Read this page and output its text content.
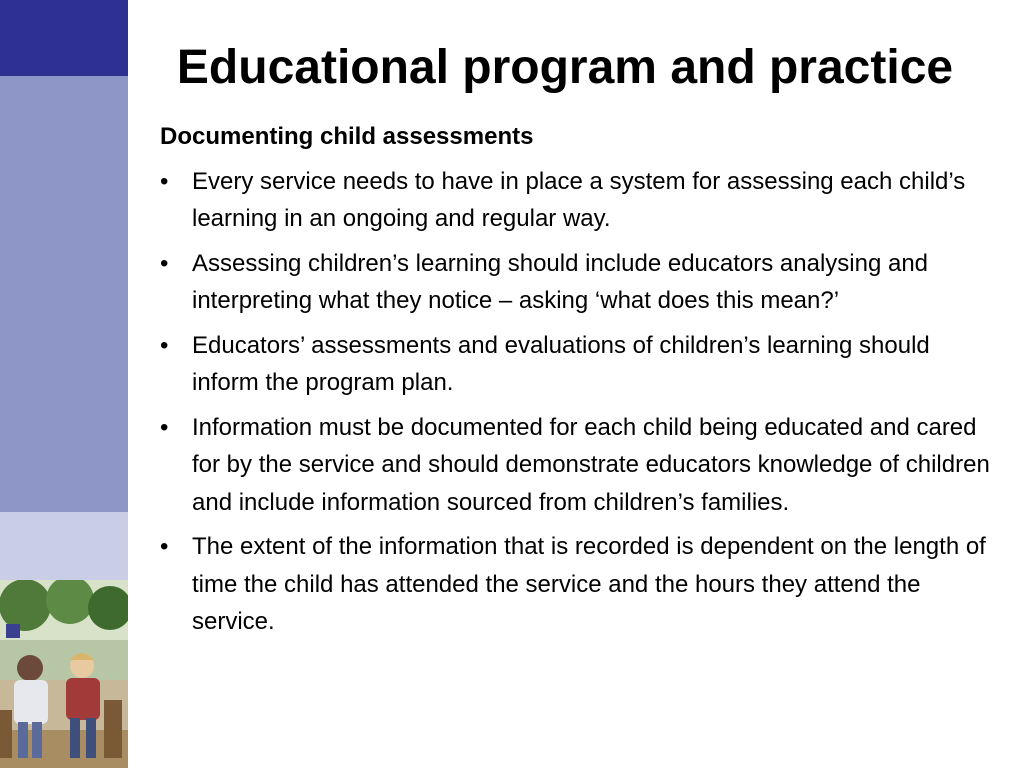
Educational program and practice
Documenting child assessments
• Every service needs to have in place a system for assessing each child’s learning in an ongoing and regular way.
• Assessing children’s learning should include educators analysing and interpreting what they notice – asking ‘what does this mean?’
• Educators’ assessments and evaluations of children’s learning should inform the program plan.
• Information must be documented for each child being educated and cared for by the service and should demonstrate educators knowledge of children and include information sourced from children’s families.
• The extent of the information that is recorded is dependent on the length of time the child has attended the service and the hours they attend the service.
